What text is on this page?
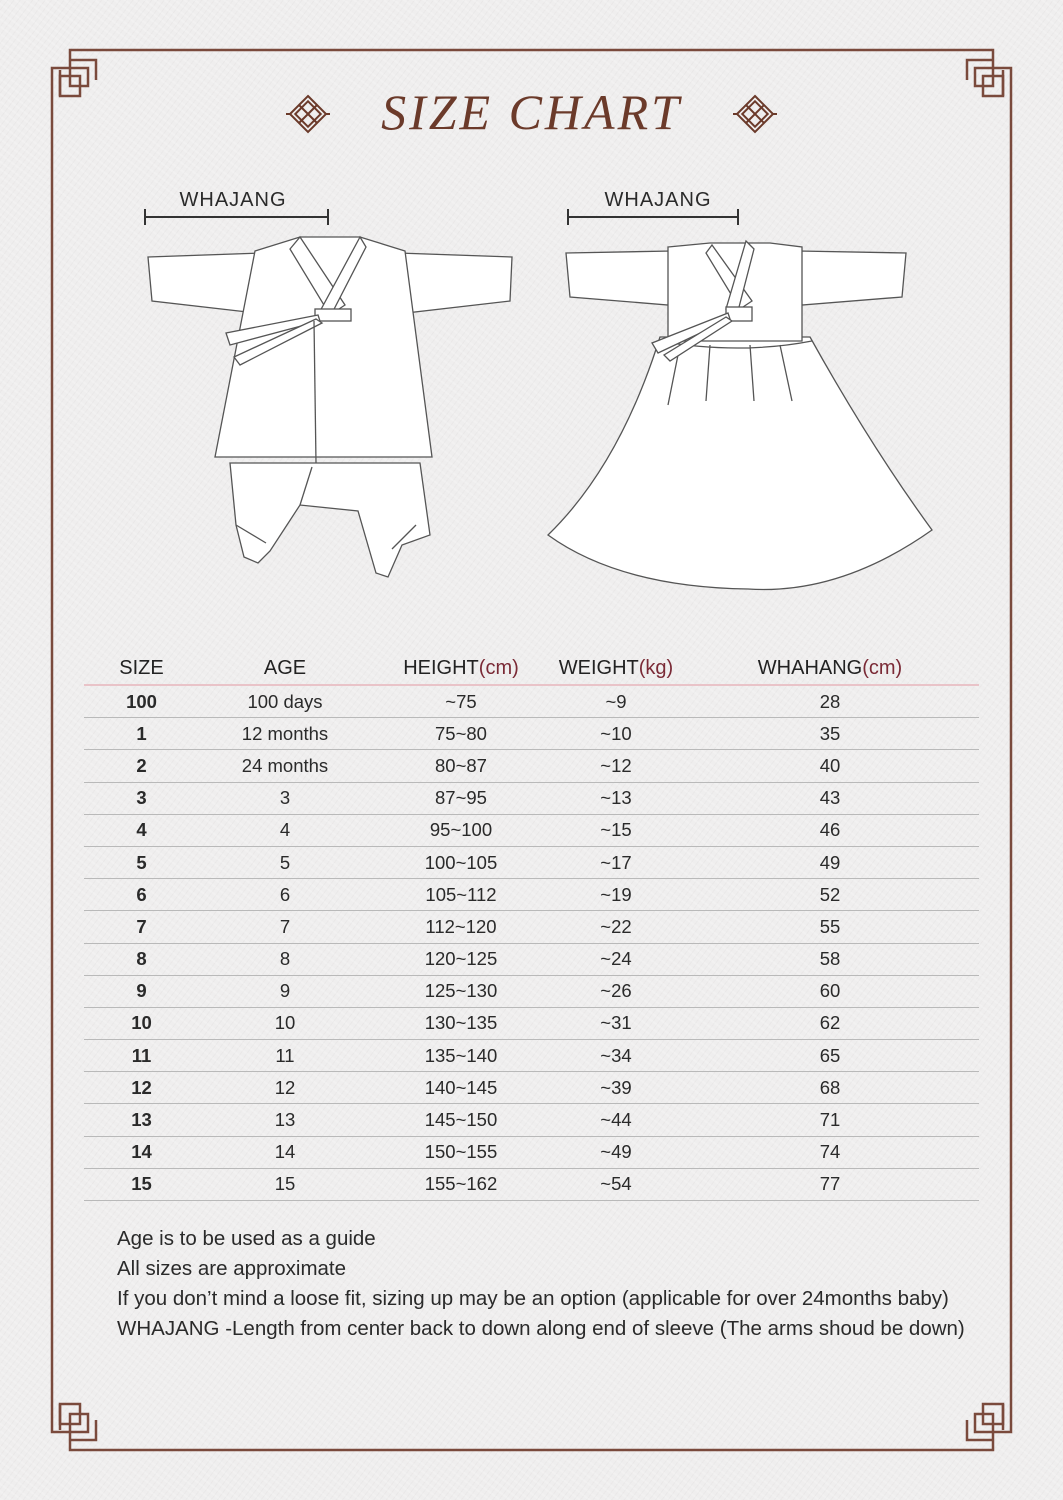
SIZE CHART
WHAJANG	WHAJANG
SIZE	AGE	HEIGHT(cm)	WEIGHT(kg)	WHAHANG(cm)
100	100 days	~75	~9	28
1	12 months	75~80	~10	35
2	24 months	80~87	~12	40
3	3	87~95	~13	43
4	4	95~100	~15	46
5	5	100~105	~17	49
6	6	105~112	~19	52
7	7	112~120	~22	55
8	8	120~125	~24	58
9	9	125~130	~26	60
10	10	130~135	~31	62
11	11	135~140	~34	65
12	12	140~145	~39	68
13	13	145~150	~44	71
14	14	150~155	~49	74
15	15	155~162	~54	77
Age is to be used as a guide
All sizes are approximate
If you don’t mind a loose fit, sizing up may be an option (applicable for over 24months baby)
WHAJANG -Length from center back to down along end of sleeve (The arms shoud be down)
